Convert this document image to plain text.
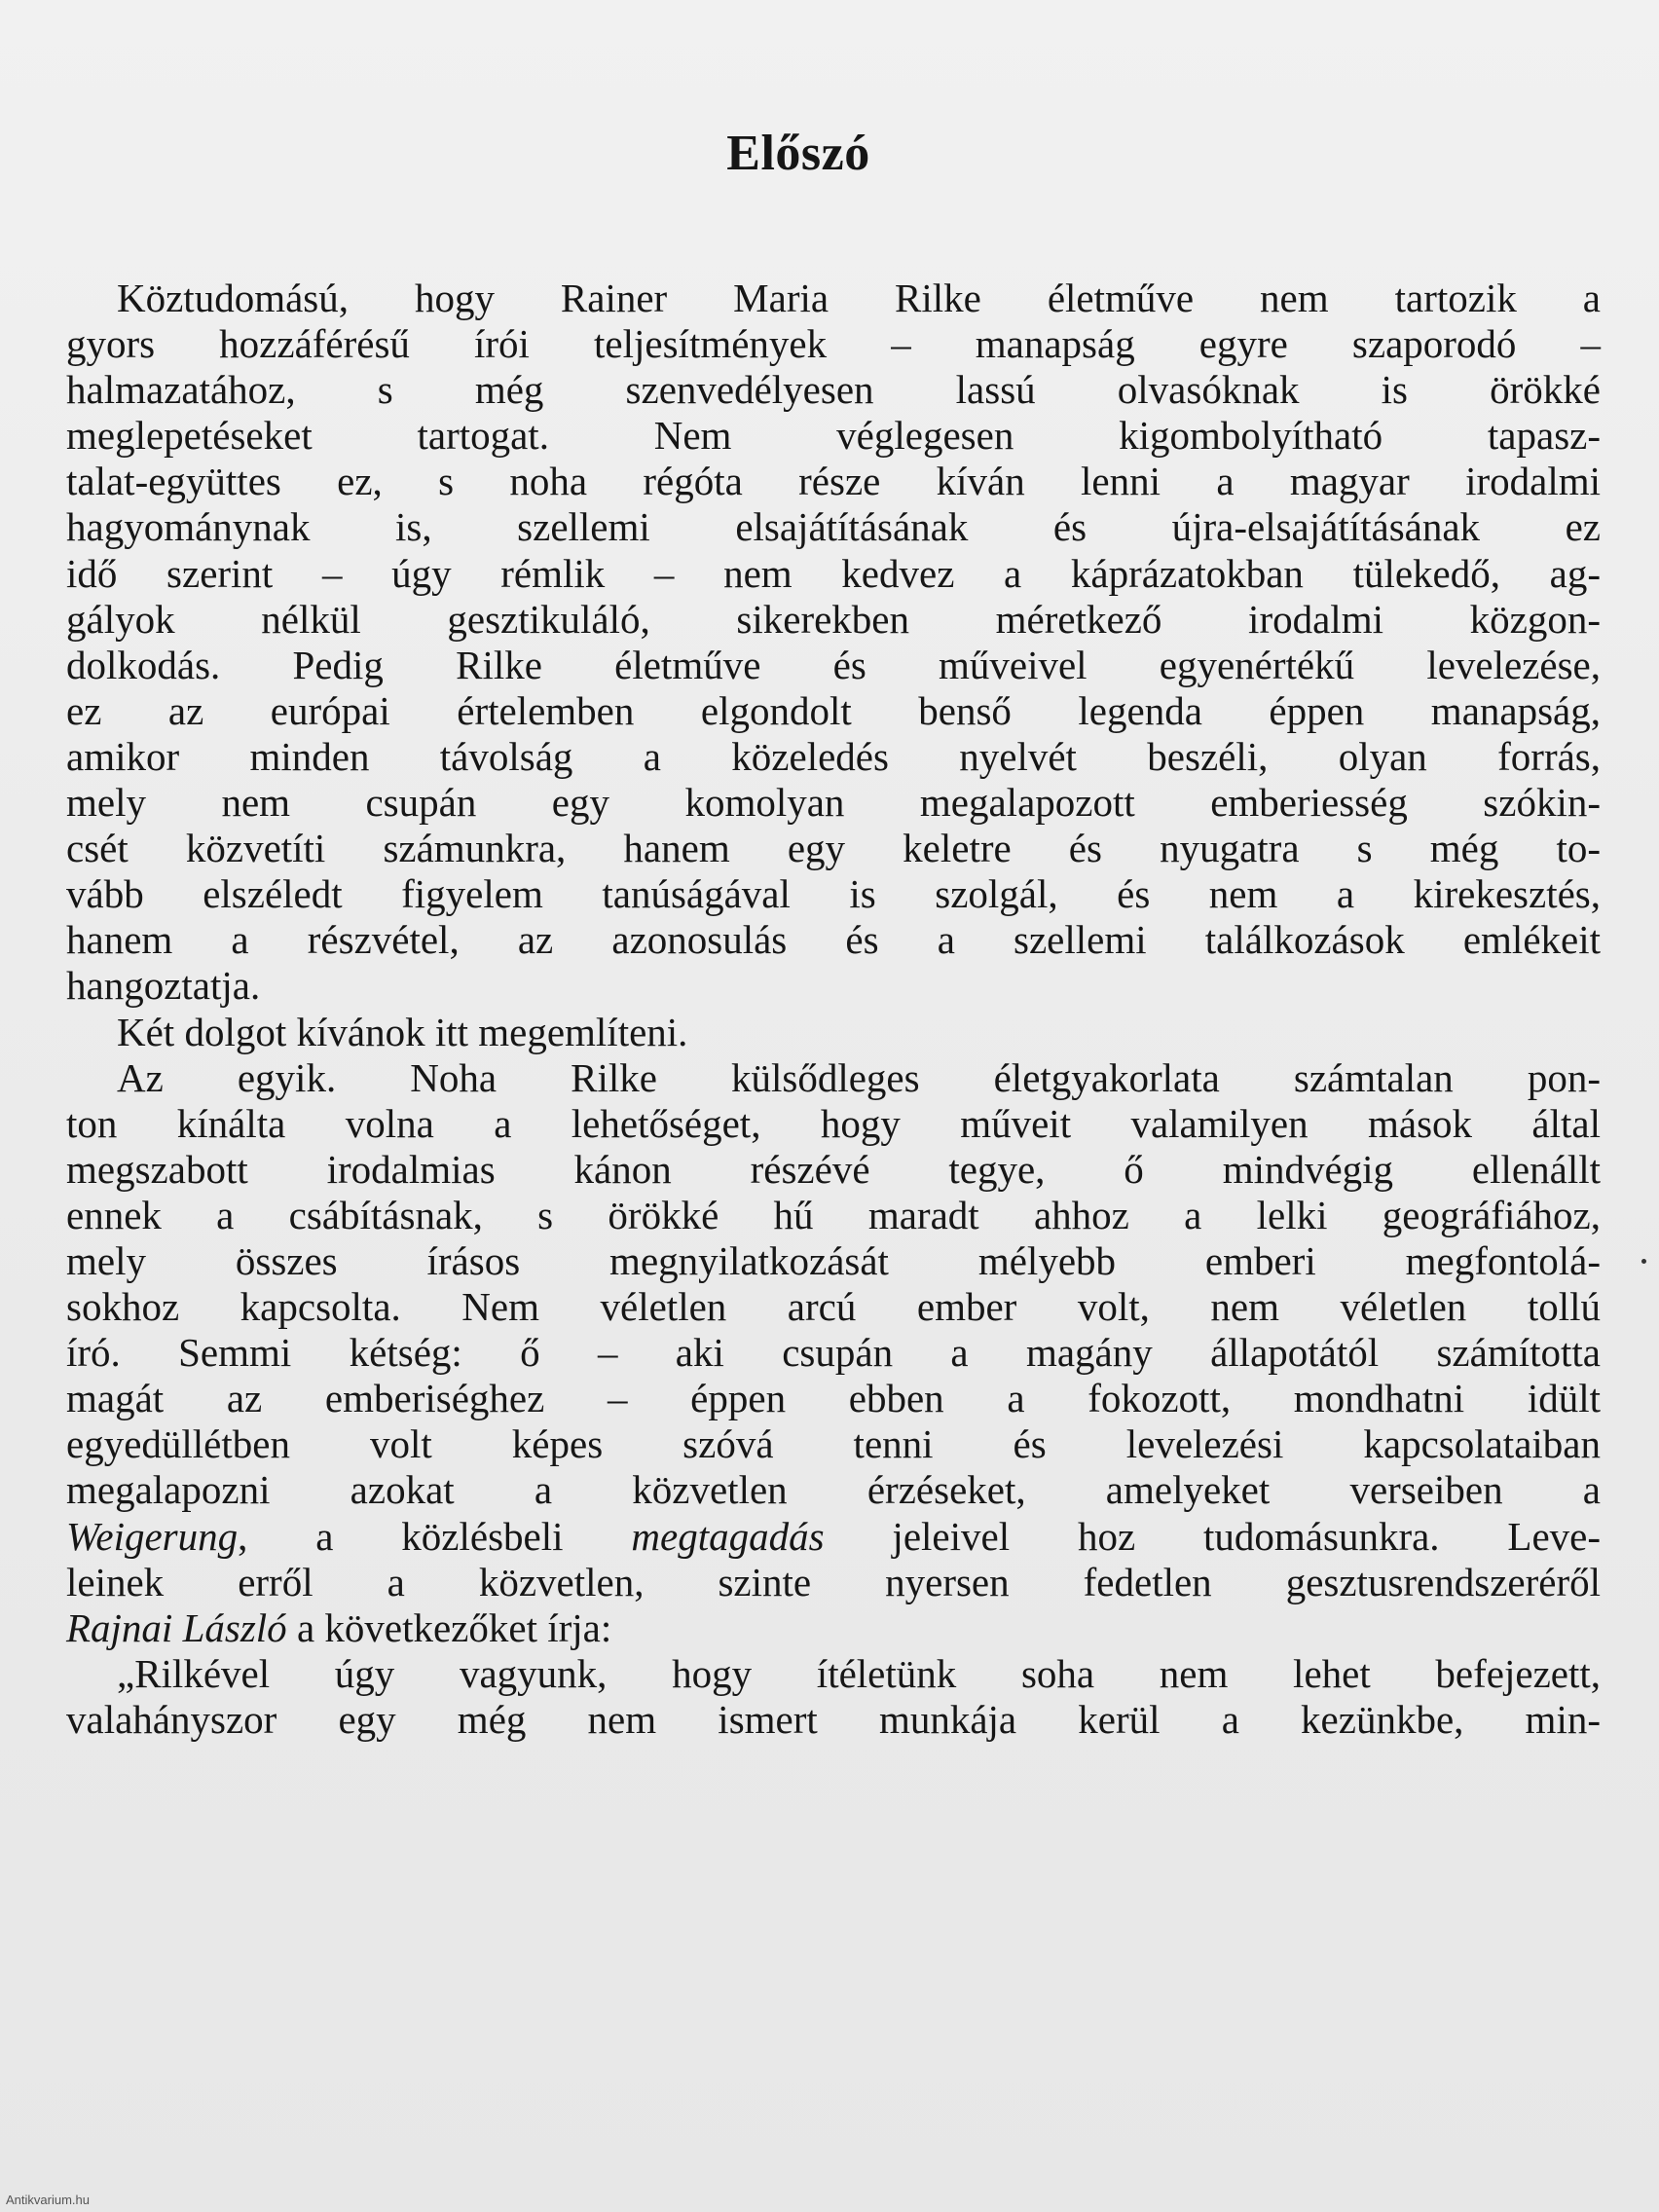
Előszó
Köztudomású, hogy Rainer Maria Rilke életműve nem tartozik a
gyors hozzáférésű írói teljesítmények – manapság egyre szaporodó –
halmazatához, s még szenvedélyesen lassú olvasóknak is örökké
meglepetéseket tartogat. Nem véglegesen kigombolyítható tapasz-
talat-együttes ez, s noha régóta része kíván lenni a magyar irodalmi
hagyománynak is, szellemi elsajátításának és újra-elsajátításának ez
idő szerint – úgy rémlik – nem kedvez a káprázatokban tülekedő, ag-
gályok nélkül gesztikuláló, sikerekben méretkező irodalmi közgon-
dolkodás. Pedig Rilke életműve és műveivel egyenértékű levelezése,
ez az európai értelemben elgondolt benső legenda éppen manapság,
amikor minden távolság a közeledés nyelvét beszéli, olyan forrás,
mely nem csupán egy komolyan megalapozott emberiesség szókin-
csét közvetíti számunkra, hanem egy keletre és nyugatra s még to-
vább elszéledt figyelem tanúságával is szolgál, és nem a kirekesztés,
hanem a részvétel, az azonosulás és a szellemi találkozások emlékeit
hangoztatja.
Két dolgot kívánok itt megemlíteni.
Az egyik. Noha Rilke külsődleges életgyakorlata számtalan pon-
ton kínálta volna a lehetőséget, hogy műveit valamilyen mások által
megszabott irodalmias kánon részévé tegye, ő mindvégig ellenállt
ennek a csábításnak, s örökké hű maradt ahhoz a lelki geográfiához,
mely összes írásos megnyilatkozását mélyebb emberi megfontolá-
sokhoz kapcsolta. Nem véletlen arcú ember volt, nem véletlen tollú
író. Semmi kétség: ő – aki csupán a magány állapotától számította
magát az emberiséghez – éppen ebben a fokozott, mondhatni idült
egyedüllétben volt képes szóvá tenni és levelezési kapcsolataiban
megalapozni azokat a közvetlen érzéseket, amelyeket verseiben a
Weigerung, a közlésbeli megtagadás jeleivel hoz tudomásunkra. Leve-
leinek erről a közvetlen, szinte nyersen fedetlen gesztusrendszeréről
Rajnai László a következőket írja:
„Rilkével úgy vagyunk, hogy ítéletünk soha nem lehet befejezett,
valahányszor egy még nem ismert munkája kerül a kezünkbe, min-
Antikvarium.hu
